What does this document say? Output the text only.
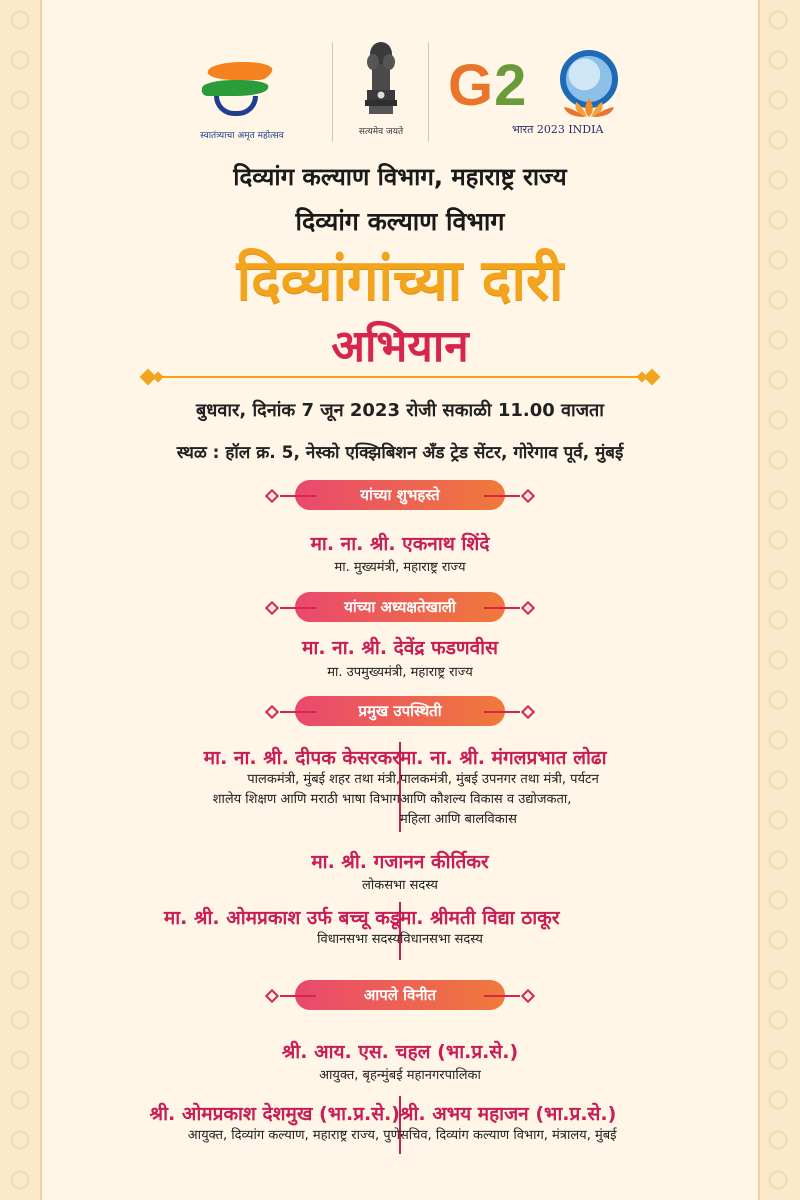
स्वातंत्र्याचा अमृत महोत्सव	सत्यमेव जयते
G2
भारत 2023 INDIA
दिव्यांग कल्याण विभाग, महाराष्ट्र राज्य
दिव्यांग कल्याण विभाग
दिव्यांगांच्या दारी
अभियान
बुधवार, दिनांक 7 जून 2023 रोजी सकाळी 11.00 वाजता
स्थळ : हॉल क्र. 5, नेस्को एक्झिबिशन अँड ट्रेड सेंटर, गोरेगाव पूर्व, मुंबई
यांच्या शुभहस्ते
मा. ना. श्री. एकनाथ शिंदे
मा. मुख्यमंत्री, महाराष्ट्र राज्य
यांच्या अध्यक्षतेखाली
मा. ना. श्री. देवेंद्र फडणवीस
मा. उपमुख्यमंत्री, महाराष्ट्र राज्य
प्रमुख उपस्थिती
मा. ना. श्री. दीपक केसरकर
पालकमंत्री, मुंबई शहर तथा मंत्री,
शालेय शिक्षण आणि मराठी भाषा विभाग
मा. ना. श्री. मंगलप्रभात लोढा
पालकमंत्री, मुंबई उपनगर तथा मंत्री, पर्यटन
आणि कौशल्य विकास व उद्योजकता,
महिला आणि बालविकास
मा. श्री. गजानन कीर्तिकर
लोकसभा सदस्य
मा. श्री. ओमप्रकाश उर्फ बच्चू कडू
विधानसभा सदस्य
मा. श्रीमती विद्या ठाकूर
विधानसभा सदस्य
आपले विनीत
श्री. आय. एस. चहल (भा.प्र.से.)
आयुक्त, बृहन्मुंबई महानगरपालिका
श्री. ओमप्रकाश देशमुख (भा.प्र.से.)
आयुक्त, दिव्यांग कल्याण, महाराष्ट्र राज्य, पुणे
श्री. अभय महाजन (भा.प्र.से.)
सचिव, दिव्यांग कल्याण विभाग, मंत्रालय, मुंबई
